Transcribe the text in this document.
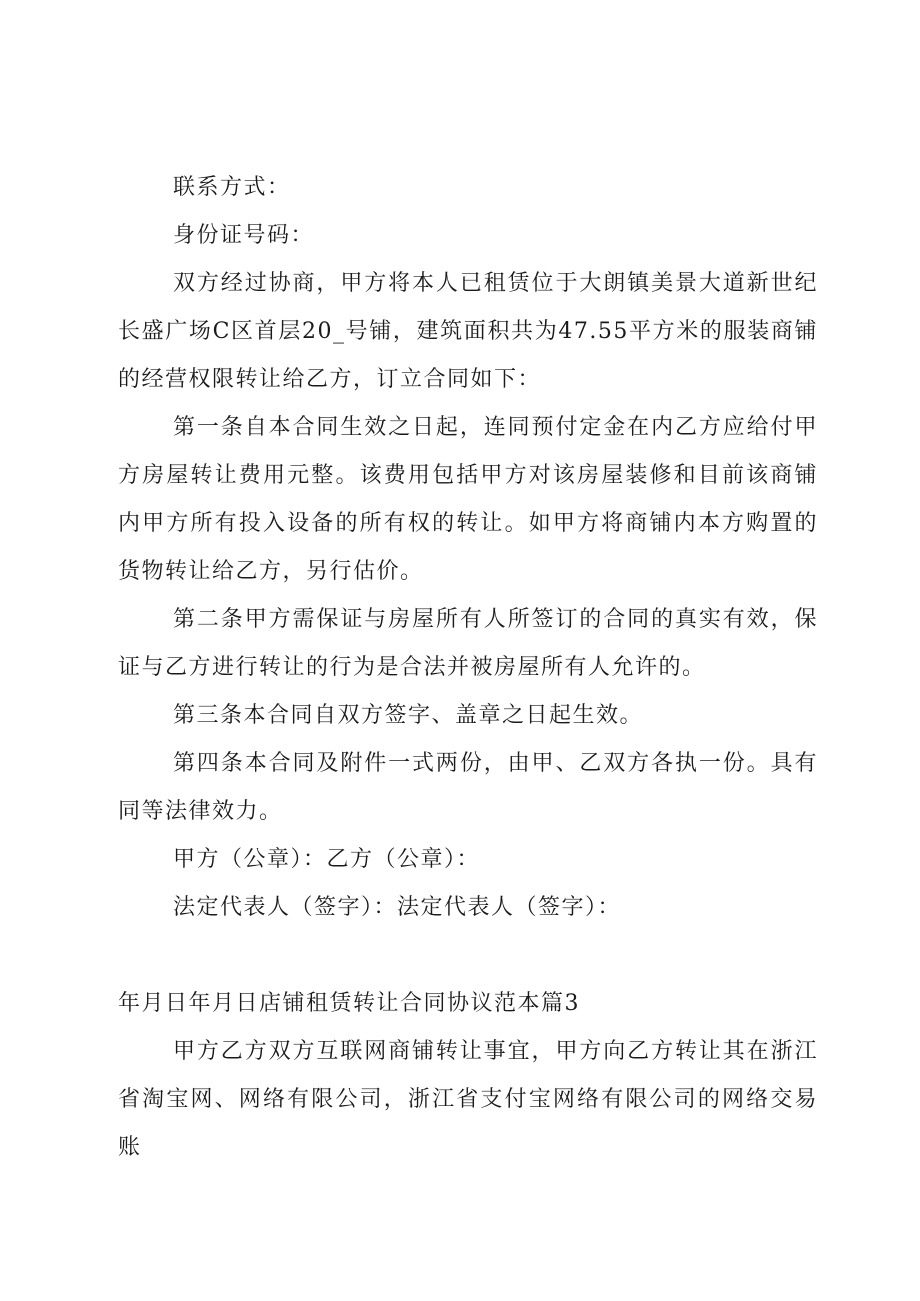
联系方式：

身份证号码：

双方经过协商，甲方将本人已租赁位于大朗镇美景大道新世纪长盛广场C区首层20_号铺，建筑面积共为47.55平方米的服装商铺的经营权限转让给乙方，订立合同如下：

第一条自本合同生效之日起，连同预付定金在内乙方应给付甲方房屋转让费用元整。该费用包括甲方对该房屋装修和目前该商铺内甲方所有投入设备的所有权的转让。如甲方将商铺内本方购置的货物转让给乙方，另行估价。

第二条甲方需保证与房屋所有人所签订的合同的真实有效，保证与乙方进行转让的行为是合法并被房屋所有人允许的。

第三条本合同自双方签字、盖章之日起生效。

第四条本合同及附件一式两份，由甲、乙双方各执一份。具有同等法律效力。

甲方（公章）：乙方（公章）：

法定代表人（签字）：法定代表人（签字）：

年月日年月日店铺租赁转让合同协议范本篇3

甲方乙方双方互联网商铺转让事宜，甲方向乙方转让其在浙江省淘宝网、网络有限公司，浙江省支付宝网络有限公司的网络交易账
